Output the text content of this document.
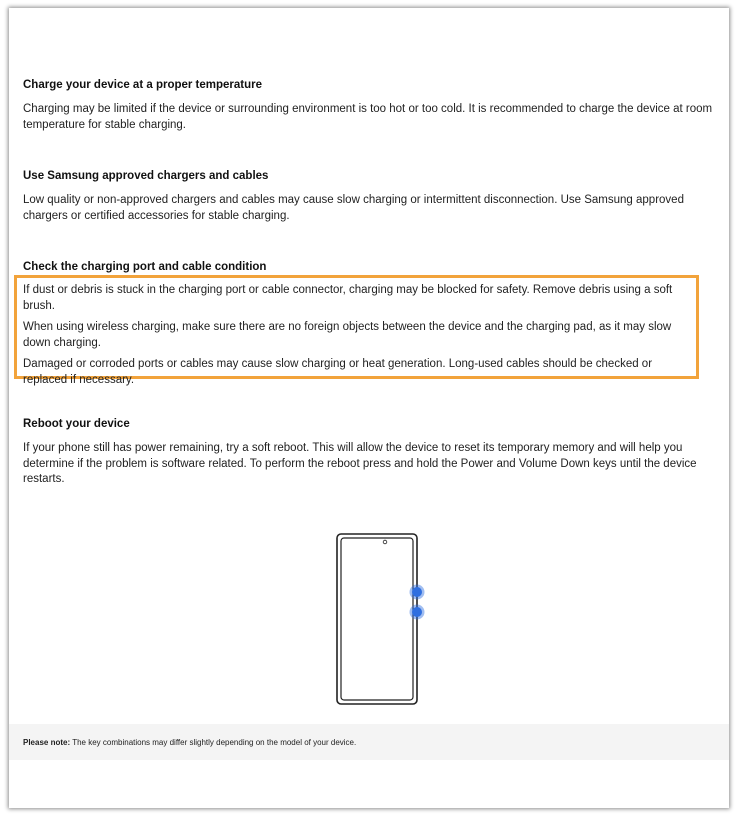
Charge your device at a proper temperature

Charging may be limited if the device or surrounding environment is too hot or too cold. It is recommended to charge the device at room temperature for stable charging.

Use Samsung approved chargers and cables

Low quality or non-approved chargers and cables may cause slow charging or intermittent disconnection. Use Samsung approved chargers or certified accessories for stable charging.

Check the charging port and cable condition

If dust or debris is stuck in the charging port or cable connector, charging may be blocked for safety. Remove debris using a soft brush.

When using wireless charging, make sure there are no foreign objects between the device and the charging pad, as it may slow down charging.

Damaged or corroded ports or cables may cause slow charging or heat generation. Long-used cables should be checked or replaced if necessary.

Reboot your device

If your phone still has power remaining, try a soft reboot. This will allow the device to reset its temporary memory and will help you determine if the problem is software related. To perform the reboot press and hold the Power and Volume Down keys until the device restarts.

Please note: The key combinations may differ slightly depending on the model of your device.
